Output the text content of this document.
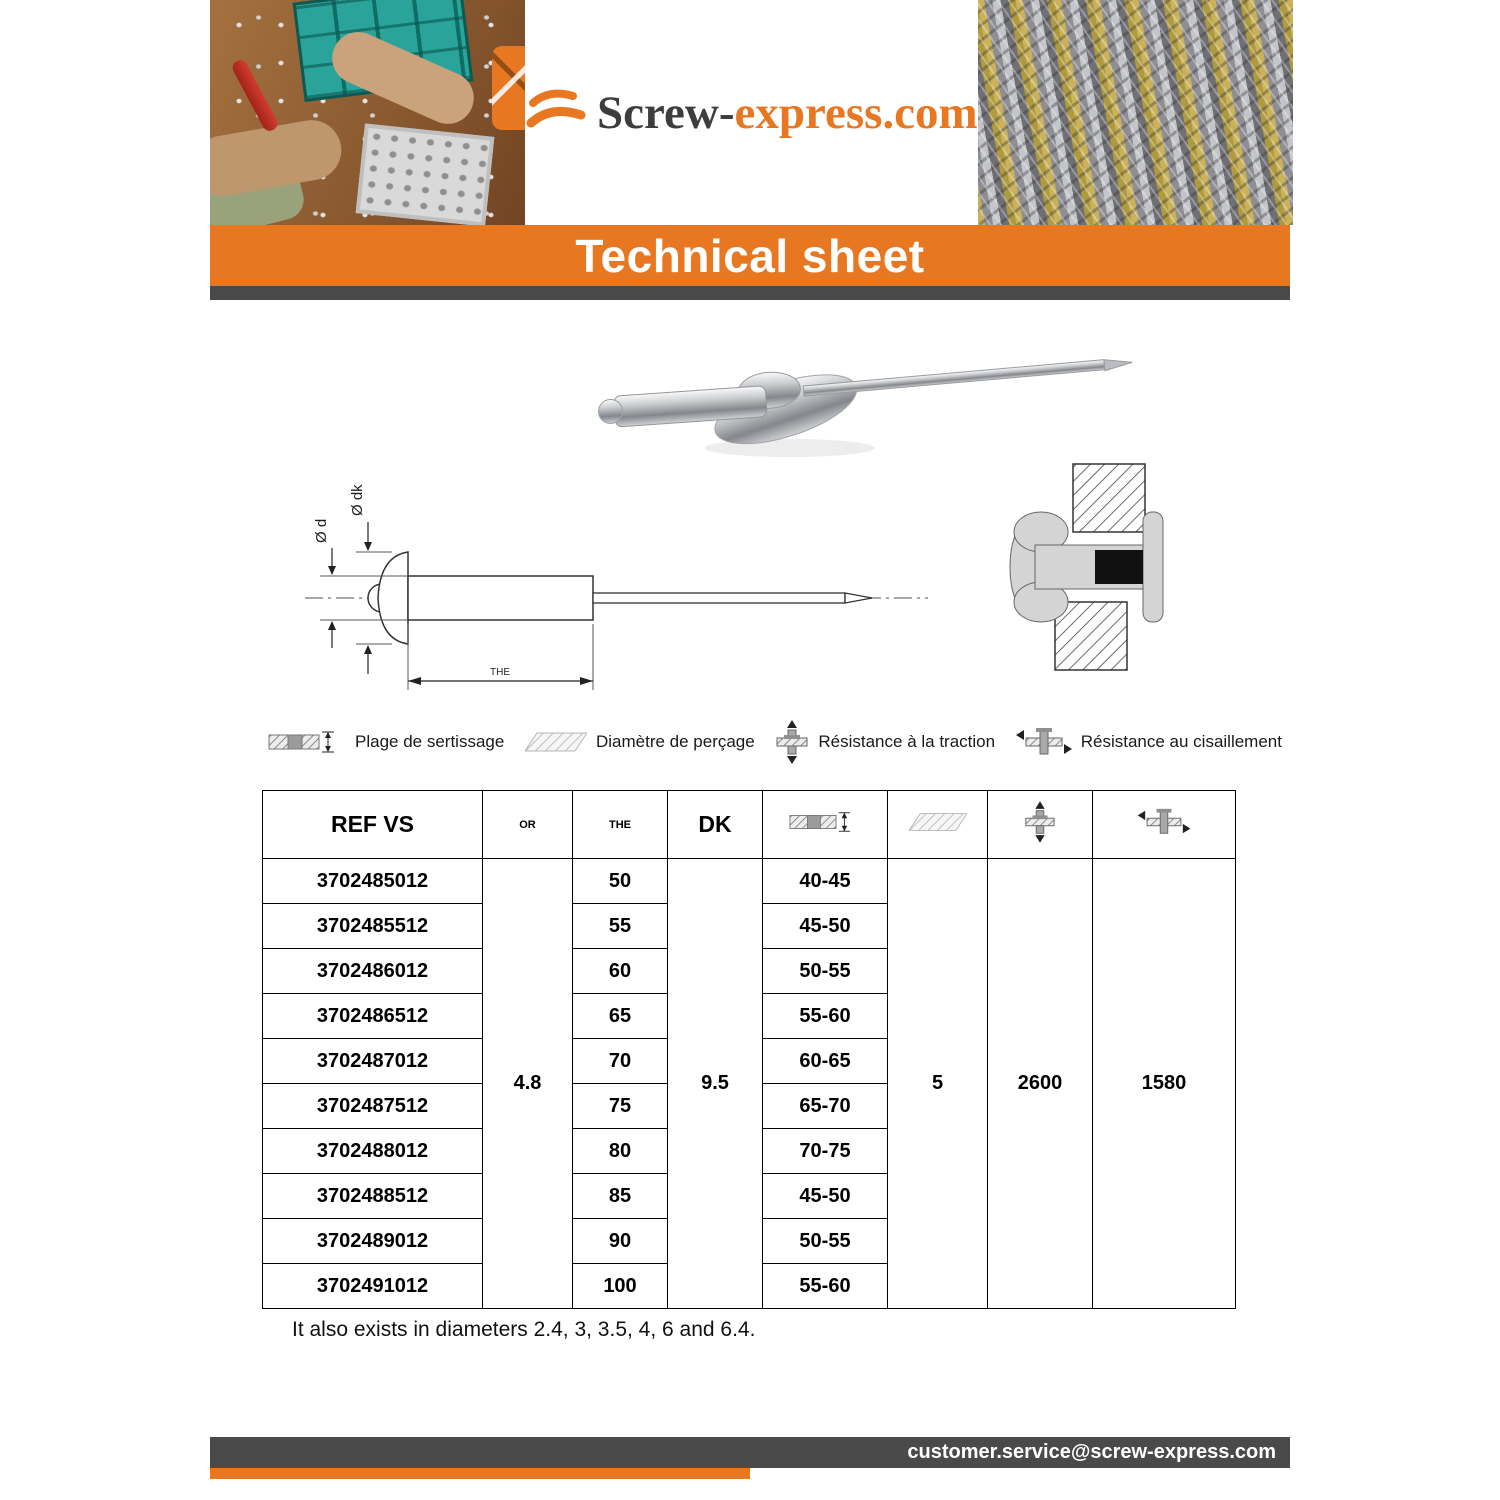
Screw-express.com
Technical sheet
Ø d
Ø dk
THE
Plage de sertissage	Diamètre de perçage	Résistance à la traction	Résistance au cisaillement
REF VS	OR	THE	DK				
3702485012	4.8	50	9.5	40-45	5	2600	1580
3702485512		55		45-50			
3702486012		60		50-55			
3702486512		65		55-60			
3702487012		70		60-65			
3702487512		75		65-70			
3702488012		80		70-75			
3702488512		85		45-50			
3702489012		90		50-55			
3702491012		100		55-60			
It also exists in diameters 2.4, 3, 3.5, 4, 6 and 6.4.
customer.service@screw-express.com
